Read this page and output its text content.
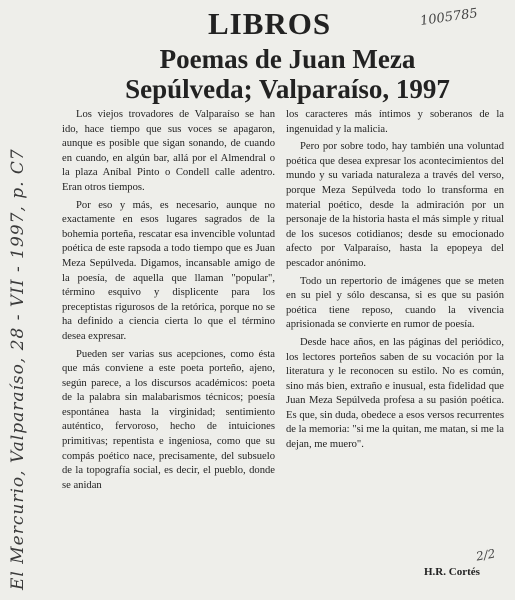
LIBROS
Poemas de Juan Meza
Sepúlveda; Valparaíso, 1997

Los viejos trovadores de Valparaíso se han ido, hace tiempo que sus voces se apagaron, aunque es posible que sigan sonando, de cuando en cuando, en algún bar, allá por el Almendral o la plaza Aníbal Pinto o Condell calle adentro. Eran otros tiempos.

Por eso y más, es necesario, aunque no exactamente en esos lugares sagrados de la bohemia porteña, rescatar esa invencible voluntad poética de este rapsoda a todo tiempo que es Juan Meza Sepúlveda. Digamos, incansable amigo de la poesía, de aquella que llaman "popular", término esquivo y displicente para los preceptistas rigurosos de la retórica, porque no se ha definido a ciencia cierta lo que el término desea expresar.

Pueden ser varias sus acepciones, como ésta que más conviene a este poeta porteño, ajeno, según parece, a los discursos académicos: poeta de la palabra sin malabarismos técnicos; poesía espontánea hasta la virginidad; sentimiento auténtico, fervoroso, hecho de intuiciones primitivas; repentista e ingeniosa, como que su compás poético nace, precisamente, del subsuelo de la topografía social, es decir, el pueblo, donde se anidan

los caracteres más íntimos y soberanos de la ingenuidad y la malicia.

Pero por sobre todo, hay también una voluntad poética que desea expresar los acontecimientos del mundo y su variada naturaleza a través del verso, porque Meza Sepúlveda todo lo transforma en material poético, desde la admiración por un personaje de la historia hasta el más simple y ritual de los sucesos cotidianos; desde su emocionado afecto por Valparaíso, hasta la epopeya del pescador anónimo.

Todo un repertorio de imágenes que se meten en su piel y sólo descansa, si es que su pasión poética tiene reposo, cuando la vivencia aprisionada se convierte en rumor de poesía.

Desde hace años, en las páginas del periódico, los lectores porteños saben de su vocación por la literatura y le reconocen su estilo. No es común, sino más bien, extraño e inusual, esta fidelidad que Juan Meza Sepúlveda profesa a su pasión poética. Es que, sin duda, obedece a esos versos recurrentes de la memoria: "si me la quitan, me matan, si me la dejan, me muero".

H.R. Cortés
El Mercurio, Valparaíso, 28 - VII - 1997, p. C7
1005785
2/2
